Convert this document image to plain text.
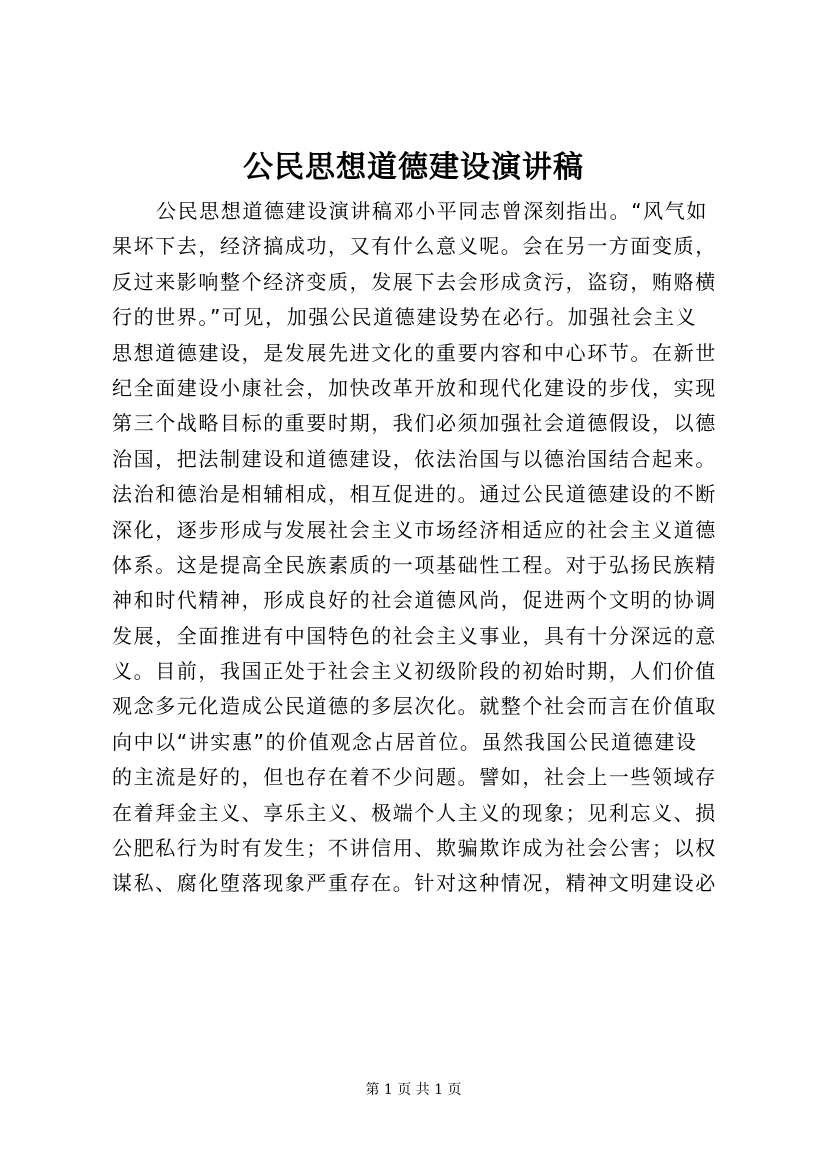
公民思想道德建设演讲稿
公民思想道德建设演讲稿邓小平同志曾深刻指出。“风气如
果坏下去，经济搞成功，又有什么意义呢。会在另一方面变质，
反过来影响整个经济变质，发展下去会形成贪污，盗窃，贿赂横
行的世界。”可见，加强公民道德建设势在必行。加强社会主义
思想道德建设，是发展先进文化的重要内容和中心环节。在新世
纪全面建设小康社会，加快改革开放和现代化建设的步伐，实现
第三个战略目标的重要时期，我们必须加强社会道德假设，以德
治国，把法制建设和道德建设，依法治国与以德治国结合起来。
法治和德治是相辅相成，相互促进的。通过公民道德建设的不断
深化，逐步形成与发展社会主义市场经济相适应的社会主义道德
体系。这是提高全民族素质的一项基础性工程。对于弘扬民族精
神和时代精神，形成良好的社会道德风尚，促进两个文明的协调
发展，全面推进有中国特色的社会主义事业，具有十分深远的意
义。目前，我国正处于社会主义初级阶段的初始时期，人们价值
观念多元化造成公民道德的多层次化。就整个社会而言在价值取
向中以“讲实惠”的价值观念占居首位。虽然我国公民道德建设
的主流是好的，但也存在着不少问题。譬如，社会上一些领域存
在着拜金主义、享乐主义、极端个人主义的现象；见利忘义、损
公肥私行为时有发生；不讲信用、欺骗欺诈成为社会公害；以权
谋私、腐化堕落现象严重存在。针对这种情况，精神文明建设必
第 1 页 共 1 页
